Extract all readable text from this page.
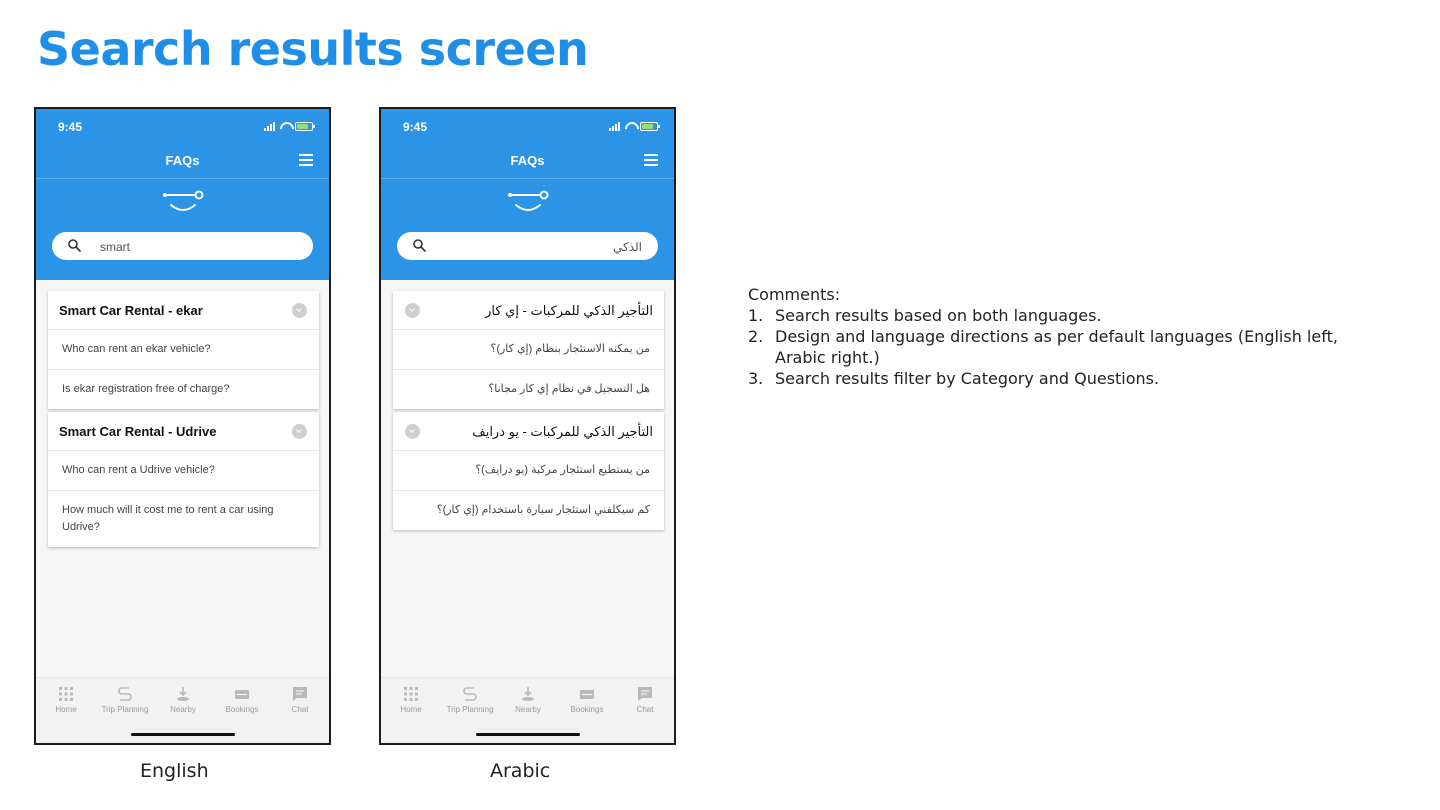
Search results screen
9:45
FAQs
smart
Smart Car Rental - ekar
Who can rent an ekar vehicle?
Is ekar registration free of charge?
Smart Car Rental - Udrive
Who can rent a Udrive vehicle?
How much will it cost me to rent a car using Udrive?
Home	Trip Planning	Nearby	Bookings	Chat
9:45
FAQs
الذكي
التأجير الذكي للمركبات - إي كار
من يمكنه الاستئجار بنظام (إي كار)؟
هل التسجيل في نظام إي كار مجانا؟
التأجير الذكي للمركبات - يو درايف
من يستطيع استئجار مركبة (يو درايف)؟
كم سيكلفني استئجار سيارة باستخدام (إي كار)؟
Home	Trip Planning	Nearby	Bookings	Chat
English	Arabic
Comments:
1. Search results based on both languages.
2. Design and language directions as per default languages (English left, Arabic right.)
3. Search results filter by Category and Questions.
